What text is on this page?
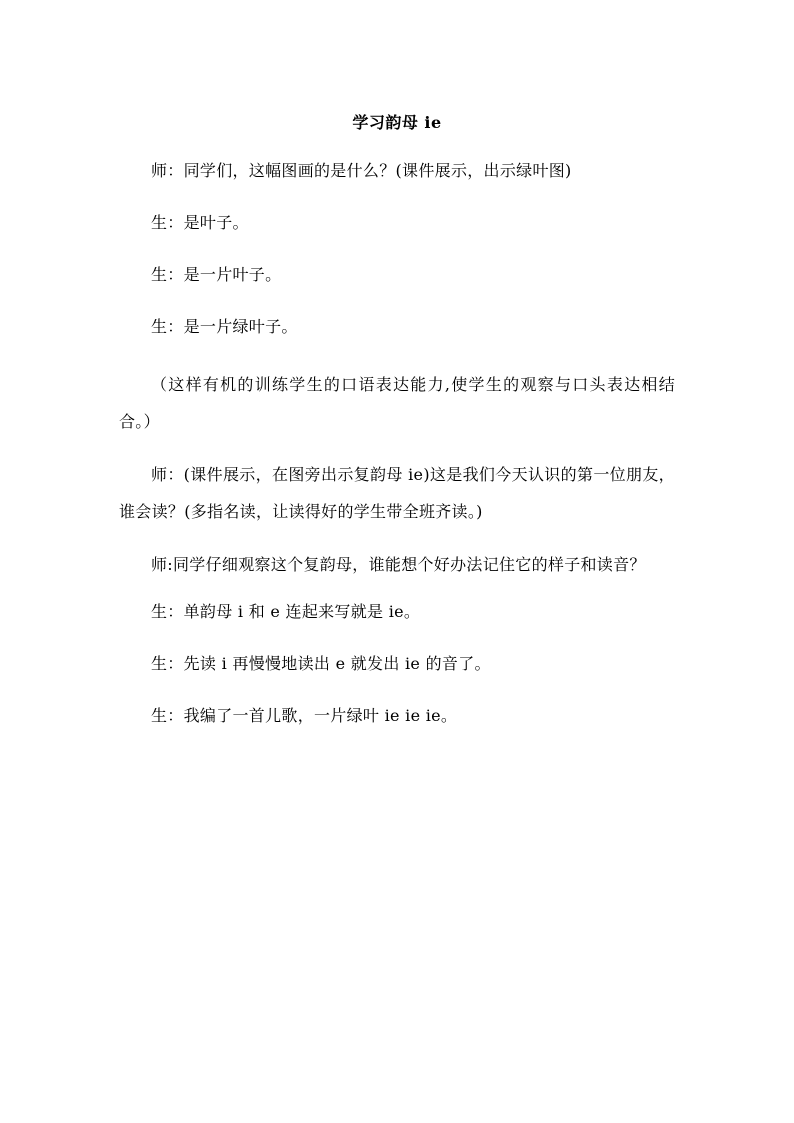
学习韵母 ie

师：同学们，这幅图画的是什么？(课件展示，出示绿叶图)

生：是叶子。

生：是一片叶子。

生：是一片绿叶子。

（这样有机的训练学生的口语表达能力,使学生的观察与口头表达相结合。）

师：(课件展示，在图旁出示复韵母 ie)这是我们今天认识的第一位朋友，谁会读？(多指名读，让读得好的学生带全班齐读。)

师:同学仔细观察这个复韵母，谁能想个好办法记住它的样子和读音？

生：单韵母 i 和 e 连起来写就是 ie。

生：先读 i 再慢慢地读出 e 就发出 ie 的音了。

生：我编了一首儿歌，一片绿叶 ie ie ie。
